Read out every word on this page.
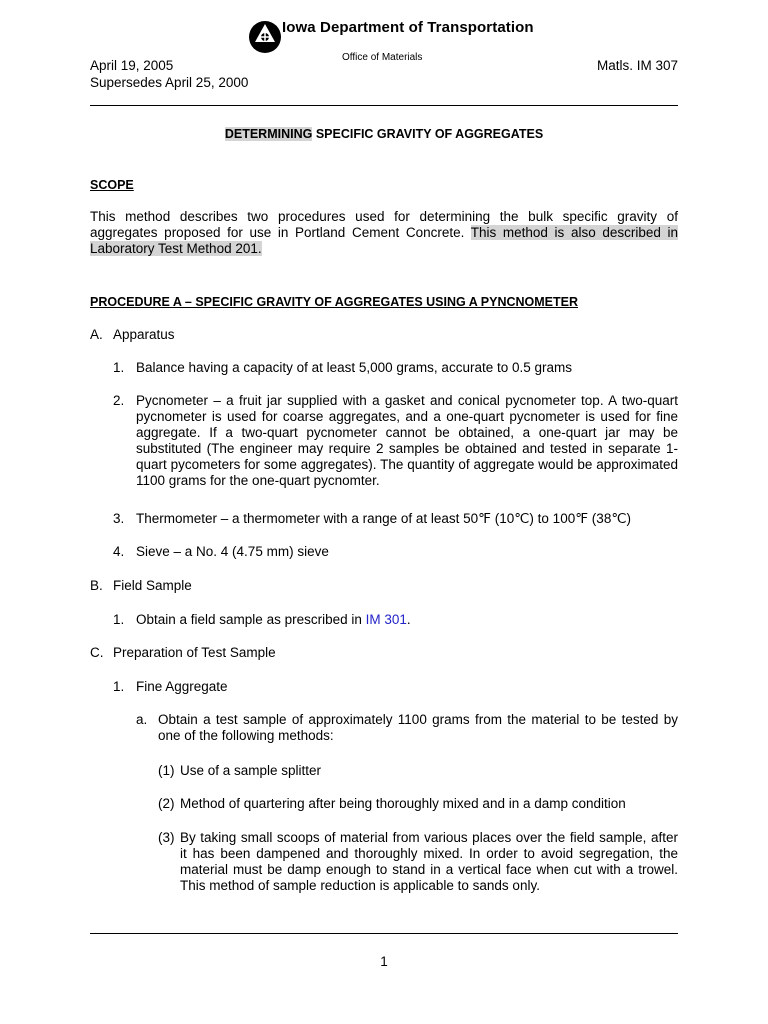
Iowa Department of Transportation
Office of Materials
April 19, 2005
Supersedes April 25, 2000
Matls. IM 307
DETERMINING SPECIFIC GRAVITY OF AGGREGATES
SCOPE
This method describes two procedures used for determining the bulk specific gravity of aggregates proposed for use in Portland Cement Concrete. This method is also described in Laboratory Test Method 201.
PROCEDURE A – SPECIFIC GRAVITY OF AGGREGATES USING A PYNCNOMETER
A. Apparatus
1. Balance having a capacity of at least 5,000 grams, accurate to 0.5 grams
2. Pycnometer – a fruit jar supplied with a gasket and conical pycnometer top. A two-quart pycnometer is used for coarse aggregates, and a one-quart pycnometer is used for fine aggregate. If a two-quart pycnometer cannot be obtained, a one-quart jar may be substituted (The engineer may require 2 samples be obtained and tested in separate 1-quart pycometers for some aggregates). The quantity of aggregate would be approximated 1100 grams for the one-quart pycnomter.
3. Thermometer – a thermometer with a range of at least 50℉ (10℃) to 100℉ (38℃)
4. Sieve – a No. 4 (4.75 mm) sieve
B. Field Sample
1. Obtain a field sample as prescribed in IM 301.
C. Preparation of Test Sample
1. Fine Aggregate
a. Obtain a test sample of approximately 1100 grams from the material to be tested by one of the following methods:
(1) Use of a sample splitter
(2) Method of quartering after being thoroughly mixed and in a damp condition
(3) By taking small scoops of material from various places over the field sample, after it has been dampened and thoroughly mixed. In order to avoid segregation, the material must be damp enough to stand in a vertical face when cut with a trowel. This method of sample reduction is applicable to sands only.
1
